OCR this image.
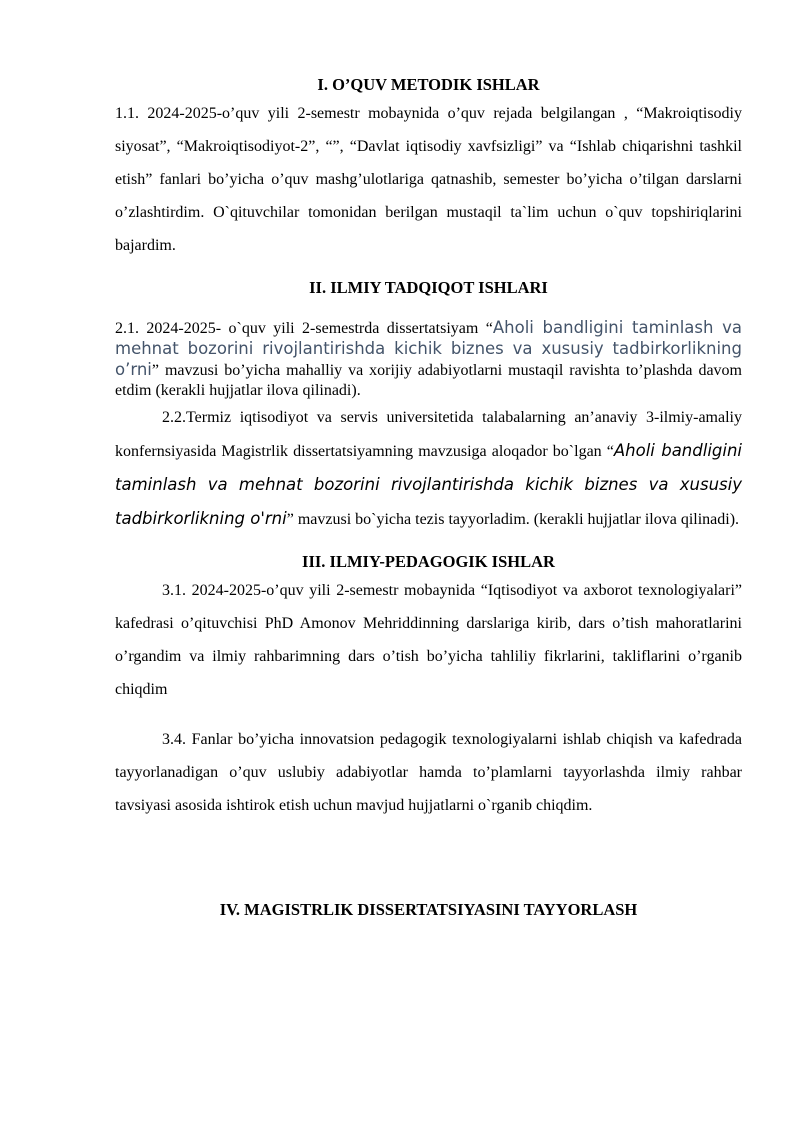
I. O’QUV METODIK ISHLAR

1.1. 2024-2025-o’quv yili 2-semestr mobaynida o’quv rejada belgilangan , “Makroiqtisodiy siyosat”, “Makroiqtisodiyot-2”, “”, “Davlat iqtisodiy xavfsizligi” va “Ishlab chiqarishni tashkil etish” fanlari bo’yicha o’quv mashg’ulotlariga qatnashib, semester bo’yicha o’tilgan darslarni o’zlashtirdim. O`qituvchilar tomonidan berilgan mustaqil ta`lim uchun o`quv topshiriqlarini bajardim.

II. ILMIY TADQIQOT ISHLARI

2.1. 2024-2025- o`quv yili 2-semestrda dissertatsiyam “Aholi bandligini taminlash va mehnat bozorini rivojlantirishda kichik biznes va xususiy tadbirkorlikning o’rni” mavzusi bo’yicha mahalliy va xorijiy adabiyotlarni mustaqil ravishta to’plashda davom etdim (kerakli hujjatlar ilova qilinadi).

2.2.Termiz iqtisodiyot va servis universitetida talabalarning an’anaviy 3-ilmiy-amaliy konfernsiyasida Magistrlik dissertatsiyamning mavzusiga aloqador bo`lgan “Aholi bandligini taminlash va mehnat bozorini rivojlantirishda kichik biznes va xususiy tadbirkorlikning o'rni” mavzusi bo`yicha tezis tayyorladim. (kerakli hujjatlar ilova qilinadi).

III. ILMIY-PEDAGOGIK ISHLAR

3.1. 2024-2025-o’quv yili 2-semestr mobaynida “Iqtisodiyot va axborot texnologiyalari” kafedrasi o’qituvchisi PhD Amonov Mehriddinning darslariga kirib, dars o’tish mahoratlarini o’rgandim va ilmiy rahbarimning dars o’tish bo’yicha tahliliy fikrlarini, takliflarini o’rganib chiqdim

3.4. Fanlar bo’yicha innovatsion pedagogik texnologiyalarni ishlab chiqish va kafedrada tayyorlanadigan o’quv uslubiy adabiyotlar hamda to’plamlarni tayyorlashda ilmiy rahbar tavsiyasi asosida ishtirok etish uchun mavjud hujjatlarni o`rganib chiqdim.

IV. MAGISTRLIK DISSERTATSIYASINI TAYYORLASH
